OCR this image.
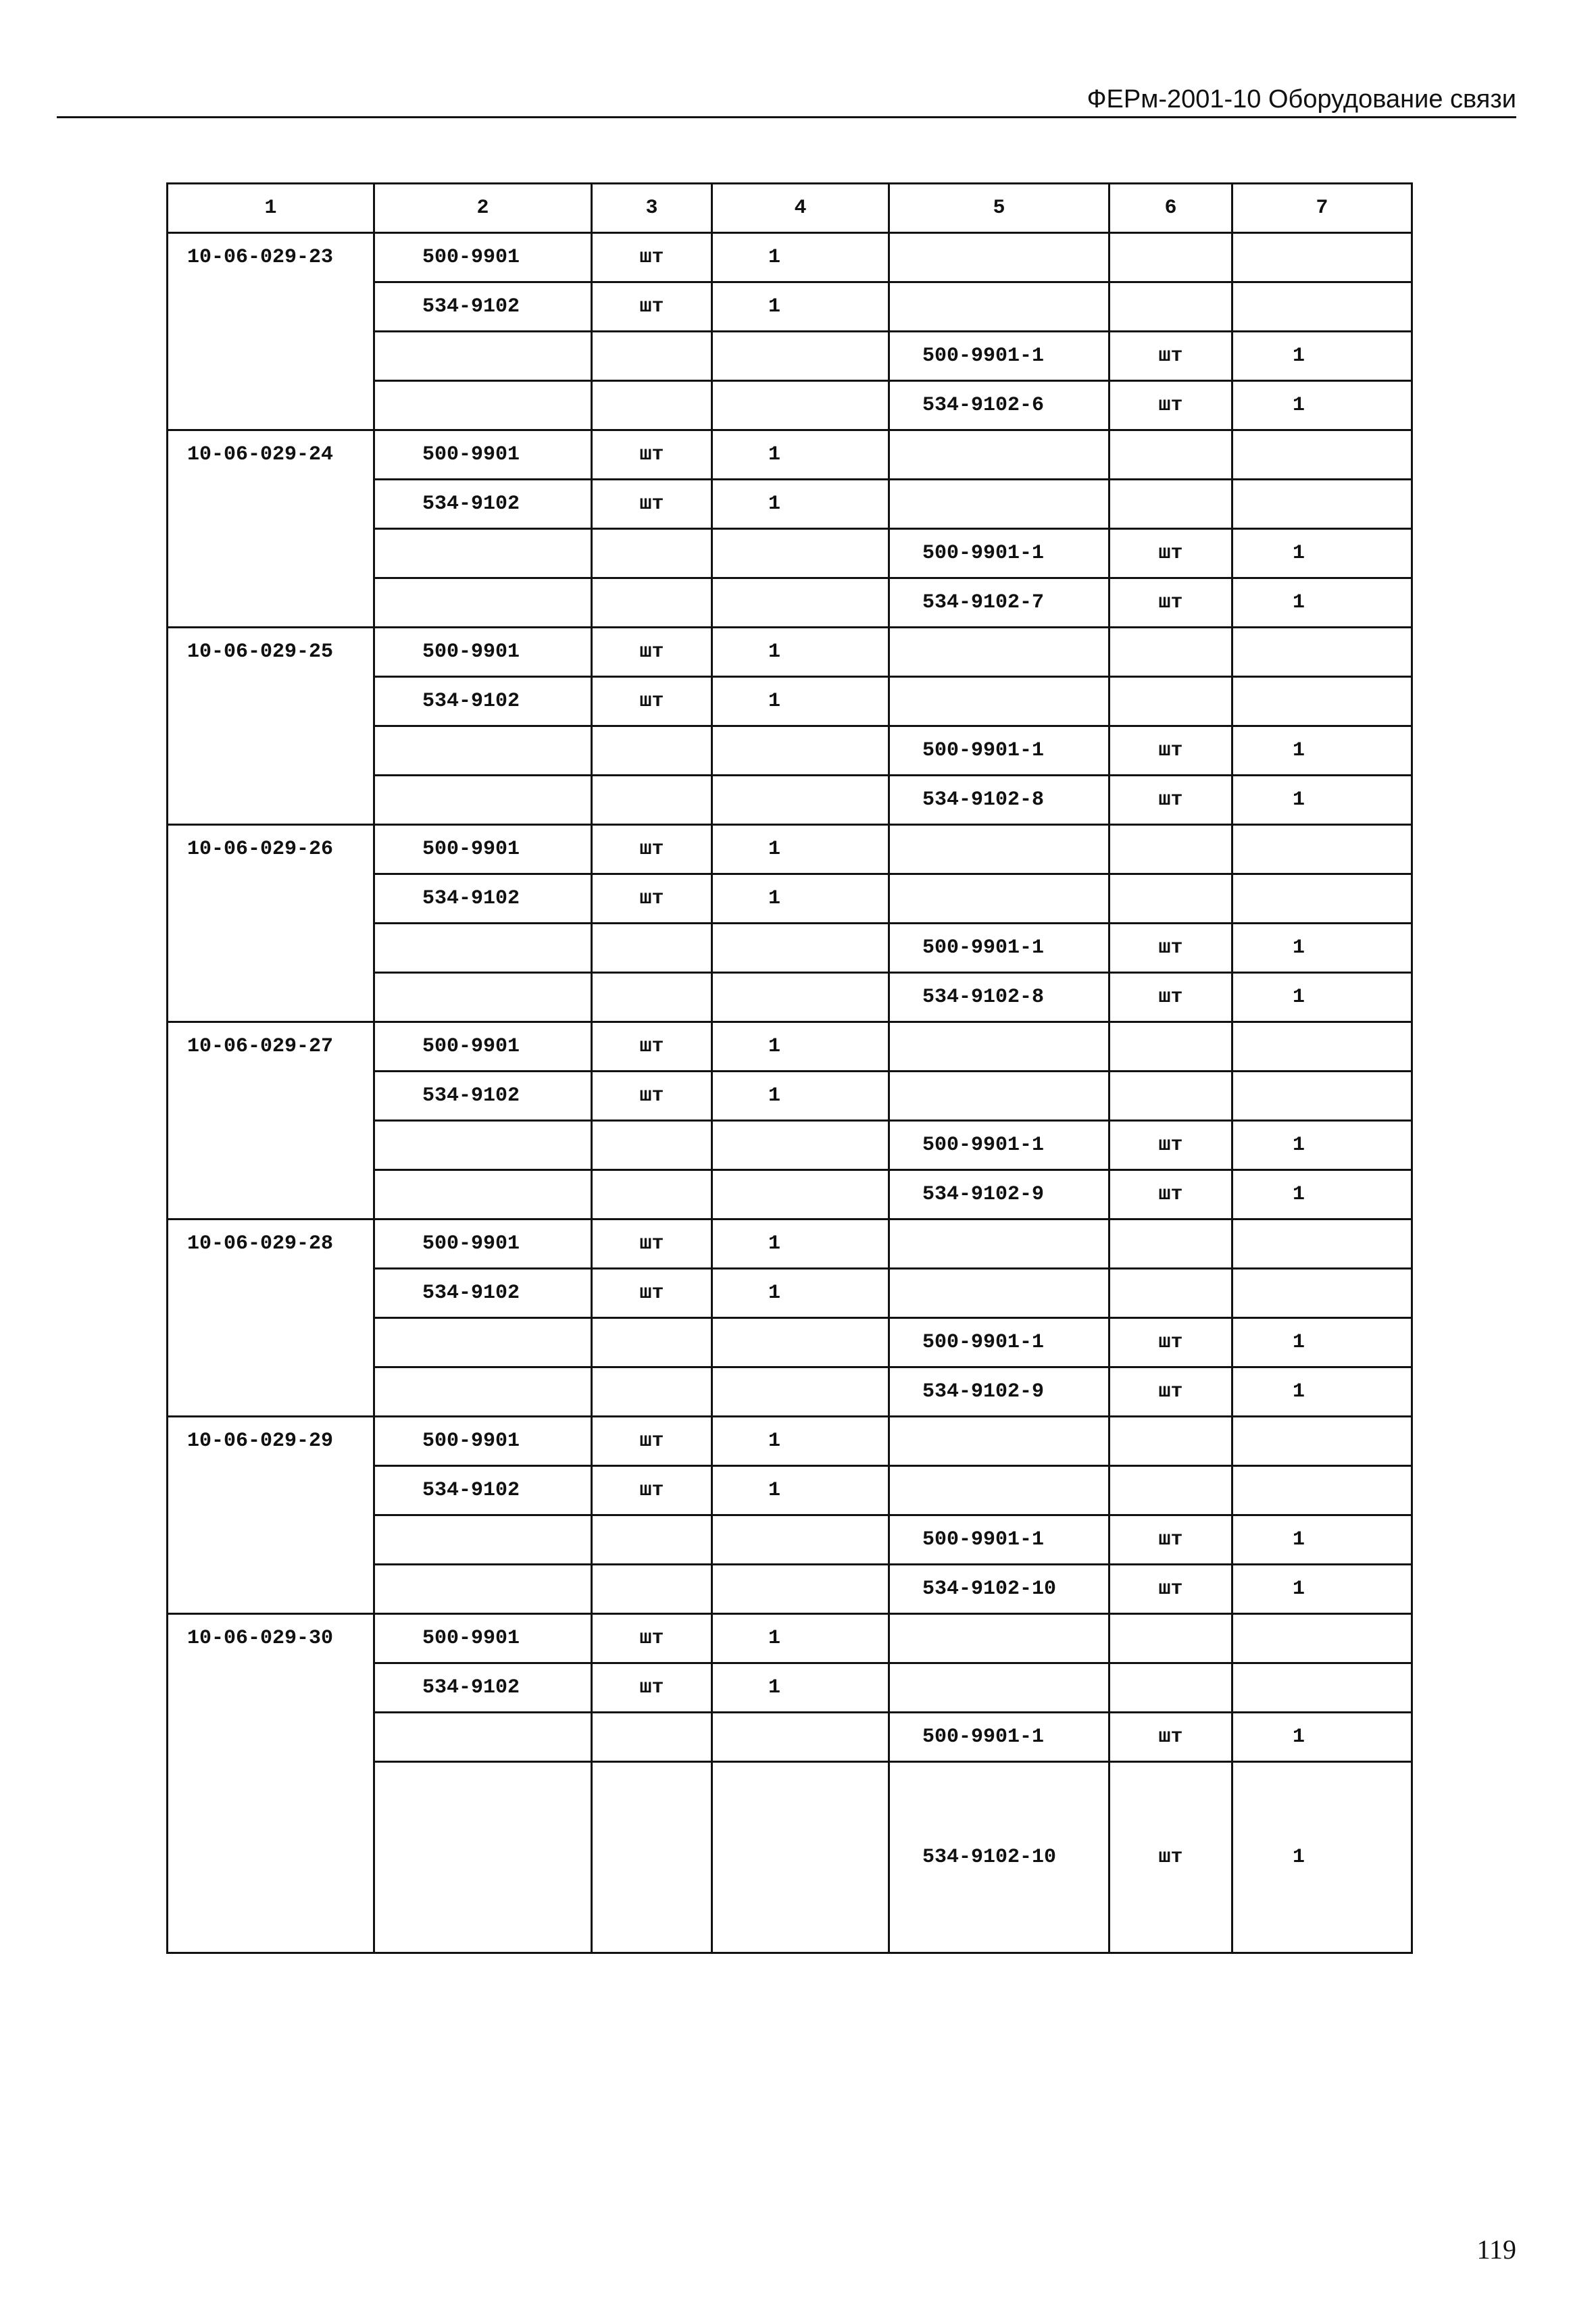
ФЕРм-2001-10 Оборудование связи
1	2	3	4	5	6	7

10-06-029-23	500-9901	шт	1			
	534-9102	шт	1			
				500-9901-1	шт	1
				534-9102-6	шт	1

10-06-029-24	500-9901	шт	1			
	534-9102	шт	1			
				500-9901-1	шт	1
				534-9102-7	шт	1

10-06-029-25	500-9901	шт	1			
	534-9102	шт	1			
				500-9901-1	шт	1
				534-9102-8	шт	1

10-06-029-26	500-9901	шт	1			
	534-9102	шт	1			
				500-9901-1	шт	1
				534-9102-8	шт	1

10-06-029-27	500-9901	шт	1			
	534-9102	шт	1			
				500-9901-1	шт	1
				534-9102-9	шт	1

10-06-029-28	500-9901	шт	1			
	534-9102	шт	1			
				500-9901-1	шт	1
				534-9102-9	шт	1

10-06-029-29	500-9901	шт	1			
	534-9102	шт	1			
				500-9901-1	шт	1
				534-9102-10	шт	1

10-06-029-30	500-9901	шт	1			
	534-9102	шт	1			
				500-9901-1	шт	1
				534-9102-10	шт	1
119
